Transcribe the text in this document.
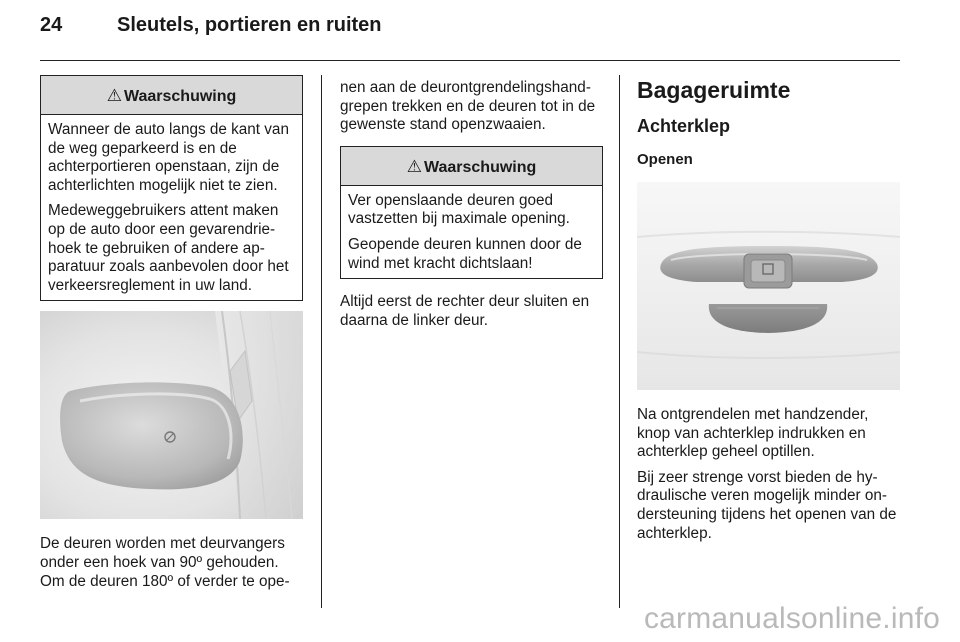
24	Sleutels, portieren en ruiten
⚠ Waarschuwing

Wanneer de auto langs de kant van de weg geparkeerd is en de achterportieren openstaan, zijn de achterlichten mogelijk niet te zien.

Medeweggebruikers attent maken op de auto door een gevarendriehoek te gebruiken of andere apparatuur zoals aanbevolen door het verkeersreglement in uw land.

De deuren worden met deurvangers onder een hoek van 90º gehouden. Om de deuren 180º of verder te ope-

nen aan de deurontgrendelingshandgrepen trekken en de deuren tot in de gewenste stand openzwaaien.

⚠ Waarschuwing

Ver openslaande deuren goed vastzetten bij maximale opening.

Geopende deuren kunnen door de wind met kracht dichtslaan!

Altijd eerst de rechter deur sluiten en daarna de linker deur.

Bagageruimte
Achterklep
Openen

Na ontgrendelen met handzender, knop van achterklep indrukken en achterklep geheel optillen.

Bij zeer strenge vorst bieden de hydraulische veren mogelijk minder ondersteuning tijdens het openen van de achterklep.

carmanualsonline.info
